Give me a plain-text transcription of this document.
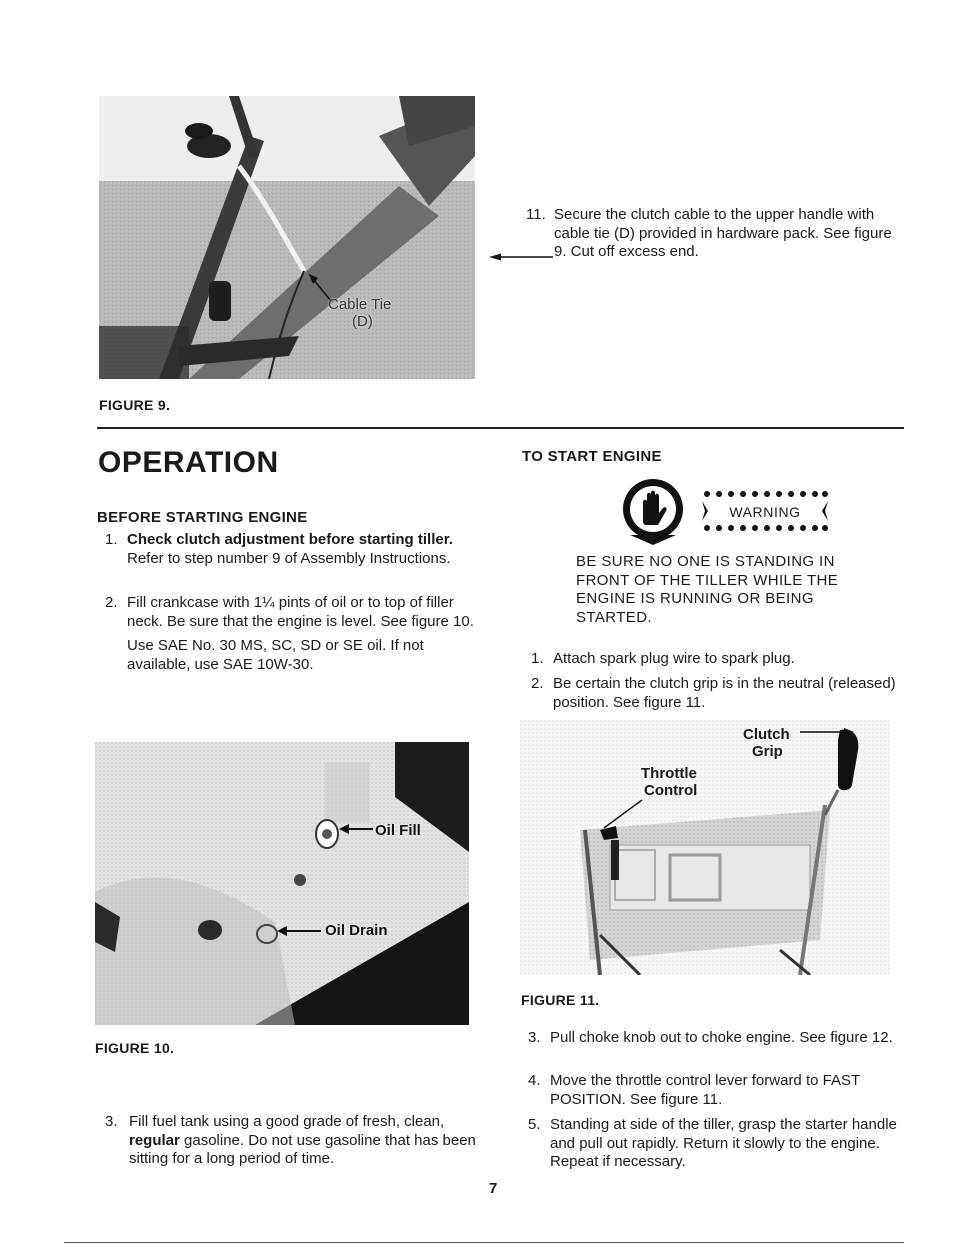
Cable Tie
(D)
FIGURE 9.
11. Secure the clutch cable to the upper handle with cable tie (D) provided in hardware pack. See figure 9. Cut off excess end.
OPERATION
BEFORE STARTING ENGINE
1. Check clutch adjustment before starting tiller.

Refer to step number 9 of Assembly Instructions.

2. Fill crankcase with 1¼ pints of oil or to top of filler neck. Be sure that the engine is level. See figure 10.

Use SAE No. 30 MS, SC, SD or SE oil. If not available, use SAE 10W-30.

Oil Fill
Oil Drain
FIGURE 10.
3. Fill fuel tank using a good grade of fresh, clean, regular gasoline. Do not use gasoline that has been sitting for a long period of time.

TO START ENGINE
WARNING
BE SURE NO ONE IS STANDING IN FRONT OF THE TILLER WHILE THE ENGINE IS RUNNING OR BEING STARTED.
1. Attach spark plug wire to spark plug.
2. Be certain the clutch grip is in the neutral (released) position. See figure 11.
Clutch
Grip
Throttle
Control
FIGURE 11.
3. Pull choke knob out to choke engine. See figure 12.
4. Move the throttle control lever forward to FAST POSITION. See figure 11.
5. Standing at side of the tiller, grasp the starter handle and pull out rapidly. Return it slowly to the engine. Repeat if necessary.
7
